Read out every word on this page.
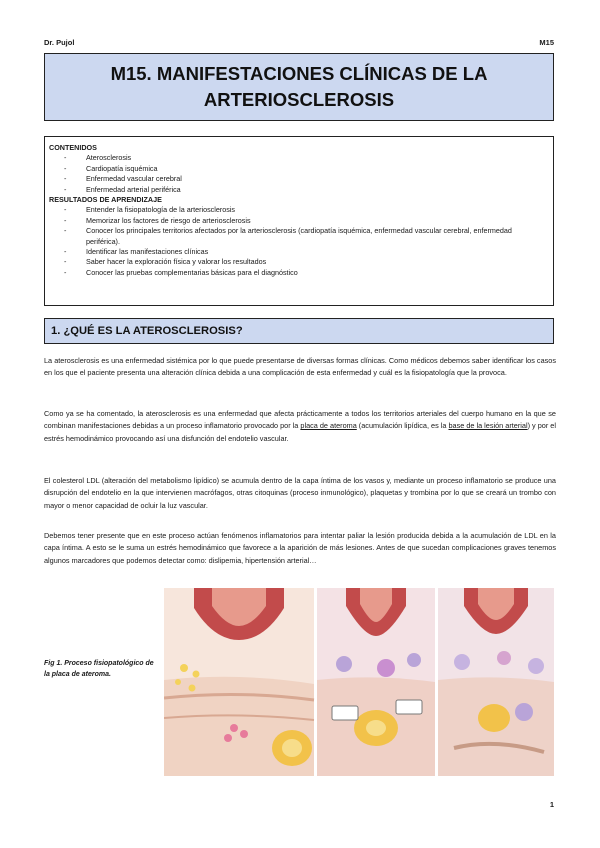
Dr. Pujol	M15
M15. MANIFESTACIONES CLÍNICAS DE LA ARTERIOSCLEROSIS
CONTENIDOS
- Aterosclerosis
- Cardiopatía isquémica
- Enfermedad vascular cerebral
- Enfermedad arterial periférica
RESULTADOS DE APRENDIZAJE
- Entender la fisiopatología de la arteriosclerosis
- Memorizar los factores de riesgo de arteriosclerosis
- Conocer los principales territorios afectados por la arteriosclerosis (cardiopatía isquémica, enfermedad vascular cerebral, enfermedad periférica).
- Identificar las manifestaciones clínicas
- Saber hacer la exploración física y valorar los resultados
- Conocer las pruebas complementarias básicas para el diagnóstico
1. ¿QUÉ ES LA ATEROSCLEROSIS?

La aterosclerosis es una enfermedad sistémica por lo que puede presentarse de diversas formas clínicas. Como médicos debemos saber identificar los casos en los que el paciente presenta una alteración clínica debida a una complicación de esta enfermedad y cuál es la fisiopatología que la provoca.

Como ya se ha comentado, la aterosclerosis es una enfermedad que afecta prácticamente a todos los territorios arteriales del cuerpo humano en la que se combinan manifestaciones debidas a un proceso inflamatorio provocado por la placa de ateroma (acumulación lipídica, es la base de la lesión arterial) y por el estrés hemodinámico provocando así una disfunción del endotelio vascular.

El colesterol LDL (alteración del metabolismo lipídico) se acumula dentro de la capa íntima de los vasos y, mediante un proceso inflamatorio se produce una disrupción del endotelio en la que intervienen macrófagos, otras citoquinas (proceso inmunológico), plaquetas y trombina por lo que se creará un trombo con mayor o menor capacidad de ocluir la luz vascular.

Debemos tener presente que en este proceso actúan fenómenos inflamatorios para intentar paliar la lesión producida debida a la acumulación de LDL en la capa íntima. A esto se le suma un estrés hemodinámico que favorece a la aparición de más lesiones. Antes de que sucedan complicaciones graves tenemos algunos marcadores que podemos detectar como: dislipemia, hipertensión arterial…

Fig 1. Proceso fisiopatológico de la placa de ateroma.
1
